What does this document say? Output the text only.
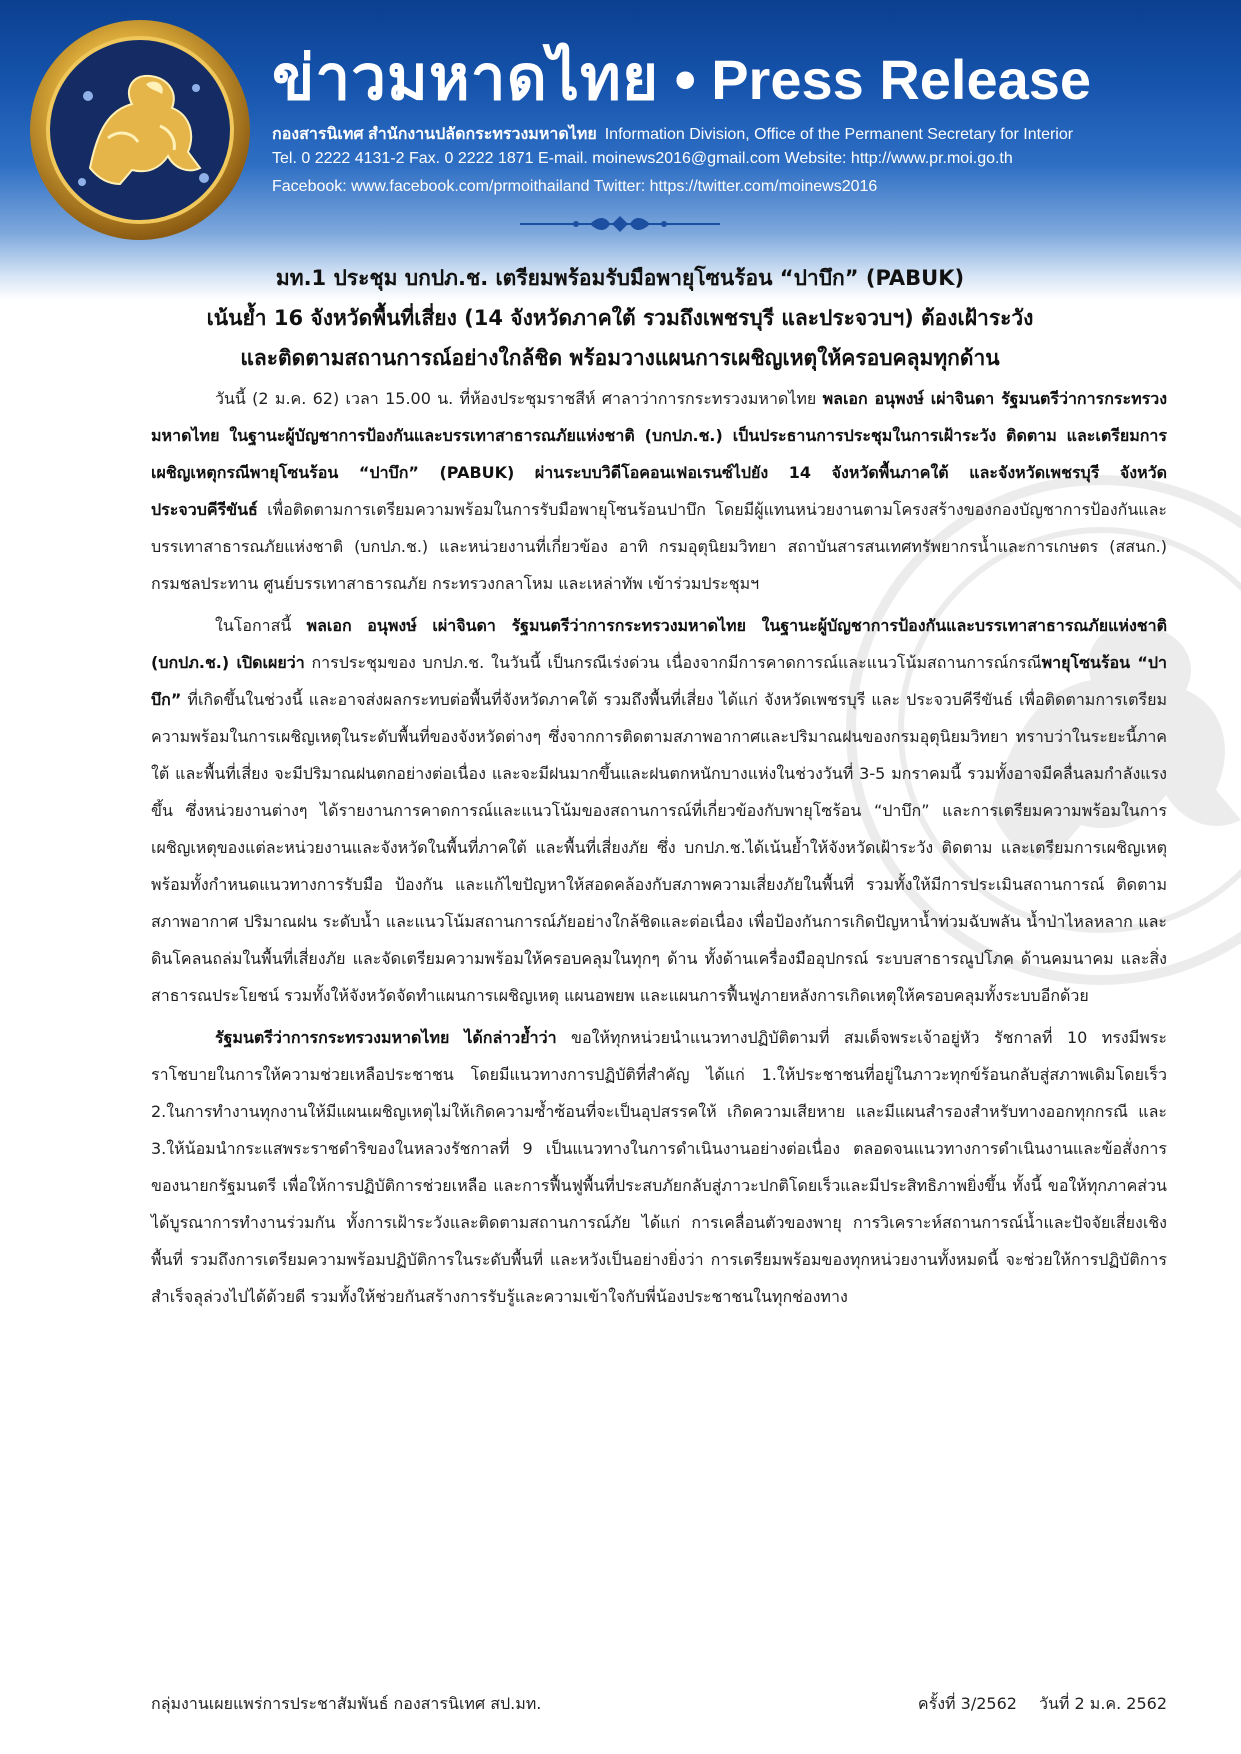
ข่าวมหาดไทย • Press Release
กองสารนิเทศ สำนักงานปลัดกระทรวงมหาดไทย Information Division, Office of the Permanent Secretary for Interior
Tel. 0 2222 4131-2 Fax. 0 2222 1871 E-mail. moinews2016@gmail.com Website: http://www.pr.moi.go.th
Facebook: www.facebook.com/prmoithailand Twitter: https://twitter.com/moinews2016
มท.1 ประชุม บกปภ.ช. เตรียมพร้อมรับมือพายุโซนร้อน “ปาบึก” (PABUK)
เน้นย้ำ 16 จังหวัดพื้นที่เสี่ยง (14 จังหวัดภาคใต้ รวมถึงเพชรบุรี และประจวบฯ) ต้องเฝ้าระวัง
และติดตามสถานการณ์อย่างใกล้ชิด พร้อมวางแผนการเผชิญเหตุให้ครอบคลุมทุกด้าน

วันนี้ (2 ม.ค. 62) เวลา 15.00 น. ที่ห้องประชุมราชสีห์ ศาลาว่าการกระทรวงมหาดไทย พลเอก อนุพงษ์ เผ่าจินดา รัฐมนตรีว่าการกระทรวงมหาดไทย ในฐานะผู้บัญชาการป้องกันและบรรเทาสาธารณภัยแห่งชาติ (บกปภ.ช.) เป็นประธานการประชุมในการเฝ้าระวัง ติดตาม และเตรียมการเผชิญเหตุกรณีพายุโซนร้อน “ปาบึก” (PABUK) ผ่านระบบวิดีโอคอนเฟอเรนซ์ไปยัง 14 จังหวัดพื้นภาคใต้ และจังหวัดเพชรบุรี จังหวัดประจวบคีรีขันธ์ เพื่อติดตามการเตรียมความพร้อมในการรับมือพายุโซนร้อนปาบึก โดยมีผู้แทนหน่วยงานตามโครงสร้างของกองบัญชาการป้องกันและบรรเทาสาธารณภัยแห่งชาติ (บกปภ.ช.) และหน่วยงานที่เกี่ยวข้อง อาทิ กรมอุตุนิยมวิทยา สถาบันสารสนเทศทรัพยากรน้ำและการเกษตร (สสนก.) กรมชลประทาน ศูนย์บรรเทาสาธารณภัย กระทรวงกลาโหม และเหล่าทัพ เข้าร่วมประชุมฯ

ในโอกาสนี้ พลเอก อนุพงษ์ เผ่าจินดา รัฐมนตรีว่าการกระทรวงมหาดไทย ในฐานะผู้บัญชาการป้องกันและบรรเทาสาธารณภัยแห่งชาติ (บกปภ.ช.) เปิดเผยว่า การประชุมของ บกปภ.ช. ในวันนี้ เป็นกรณีเร่งด่วน เนื่องจากมีการคาดการณ์และแนวโน้มสถานการณ์กรณีพายุโซนร้อน “ปาบึก” ที่เกิดขึ้นในช่วงนี้ และอาจส่งผลกระทบต่อพื้นที่จังหวัดภาคใต้ รวมถึงพื้นที่เสี่ยง ได้แก่ จังหวัดเพชรบุรี และ ประจวบคีรีขันธ์ เพื่อติดตามการเตรียมความพร้อมในการเผชิญเหตุในระดับพื้นที่ของจังหวัดต่างๆ ซึ่งจากการติดตามสภาพอากาศและปริมาณฝนของกรมอุตุนิยมวิทยา ทราบว่าในระยะนี้ภาคใต้ และพื้นที่เสี่ยง จะมีปริมาณฝนตกอย่างต่อเนื่อง และจะมีฝนมากขึ้นและฝนตกหนักบางแห่งในช่วงวันที่ 3-5 มกราคมนี้ รวมทั้งอาจมีคลื่นลมกำลังแรงขึ้น ซึ่งหน่วยงานต่างๆ ได้รายงานการคาดการณ์และแนวโน้มของสถานการณ์ที่เกี่ยวข้องกับพายุโซร้อน “ปาบึก” และการเตรียมความพร้อมในการเผชิญเหตุของแต่ละหน่วยงานและจังหวัดในพื้นที่ภาคใต้ และพื้นที่เสี่ยงภัย ซึ่ง บกปภ.ช.ได้เน้นย้ำให้จังหวัดเฝ้าระวัง ติดตาม และเตรียมการเผชิญเหตุพร้อมทั้งกำหนดแนวทางการรับมือ ป้องกัน และแก้ไขปัญหาให้สอดคล้องกับสภาพความเสี่ยงภัยในพื้นที่ รวมทั้งให้มีการประเมินสถานการณ์ ติดตามสภาพอากาศ ปริมาณฝน ระดับน้ำ และแนวโน้มสถานการณ์ภัยอย่างใกล้ชิดและต่อเนื่อง เพื่อป้องกันการเกิดปัญหาน้ำท่วมฉับพลัน น้ำป่าไหลหลาก และดินโคลนถล่มในพื้นที่เสี่ยงภัย และจัดเตรียมความพร้อมให้ครอบคลุมในทุกๆ ด้าน ทั้งด้านเครื่องมืออุปกรณ์ ระบบสาธารณูปโภค ด้านคมนาคม และสิ่งสาธารณประโยชน์ รวมทั้งให้จังหวัดจัดทำแผนการเผชิญเหตุ แผนอพยพ และแผนการฟื้นฟูภายหลังการเกิดเหตุให้ครอบคลุมทั้งระบบอีกด้วย

รัฐมนตรีว่าการกระทรวงมหาดไทย ได้กล่าวย้ำว่า ขอให้ทุกหน่วยนำแนวทางปฏิบัติตามที่ สมเด็จพระเจ้าอยู่หัว รัชกาลที่ 10 ทรงมีพระราโชบายในการให้ความช่วยเหลือประชาชน โดยมีแนวทางการปฏิบัติที่สำคัญ ได้แก่ 1.ให้ประชาชนที่อยู่ในภาวะทุกข์ร้อนกลับสู่สภาพเดิมโดยเร็ว 2.ในการทำงานทุกงานให้มีแผนเผชิญเหตุไม่ให้เกิดความซ้ำซ้อนที่จะเป็นอุปสรรคให้ เกิดความเสียหาย และมีแผนสำรองสำหรับทางออกทุกกรณี และ 3.ให้น้อมนำกระแสพระราชดำริของในหลวงรัชกาลที่ 9 เป็นแนวทางในการดำเนินงานอย่างต่อเนื่อง ตลอดจนแนวทางการดำเนินงานและข้อสั่งการของนายกรัฐมนตรี เพื่อให้การปฏิบัติการช่วยเหลือ และการฟื้นฟูพื้นที่ประสบภัยกลับสู่ภาวะปกติโดยเร็วและมีประสิทธิภาพยิ่งขึ้น ทั้งนี้ ขอให้ทุกภาคส่วนได้บูรณาการทำงานร่วมกัน ทั้งการเฝ้าระวังและติดตามสถานการณ์ภัย ได้แก่ การเคลื่อนตัวของพายุ การวิเคราะห์สถานการณ์น้ำและปัจจัยเสี่ยงเชิงพื้นที่ รวมถึงการเตรียมความพร้อมปฏิบัติการในระดับพื้นที่ และหวังเป็นอย่างยิ่งว่า การเตรียมพร้อมของทุกหน่วยงานทั้งหมดนี้ จะช่วยให้การปฏิบัติการสำเร็จลุล่วงไปได้ด้วยดี รวมทั้งให้ช่วยกันสร้างการรับรู้และความเข้าใจกับพี่น้องประชาชนในทุกช่องทาง

กลุ่มงานเผยแพร่การประชาสัมพันธ์ กองสารนิเทศ สป.มท.	ครั้งที่ 3/2562 วันที่ 2 ม.ค. 2562
